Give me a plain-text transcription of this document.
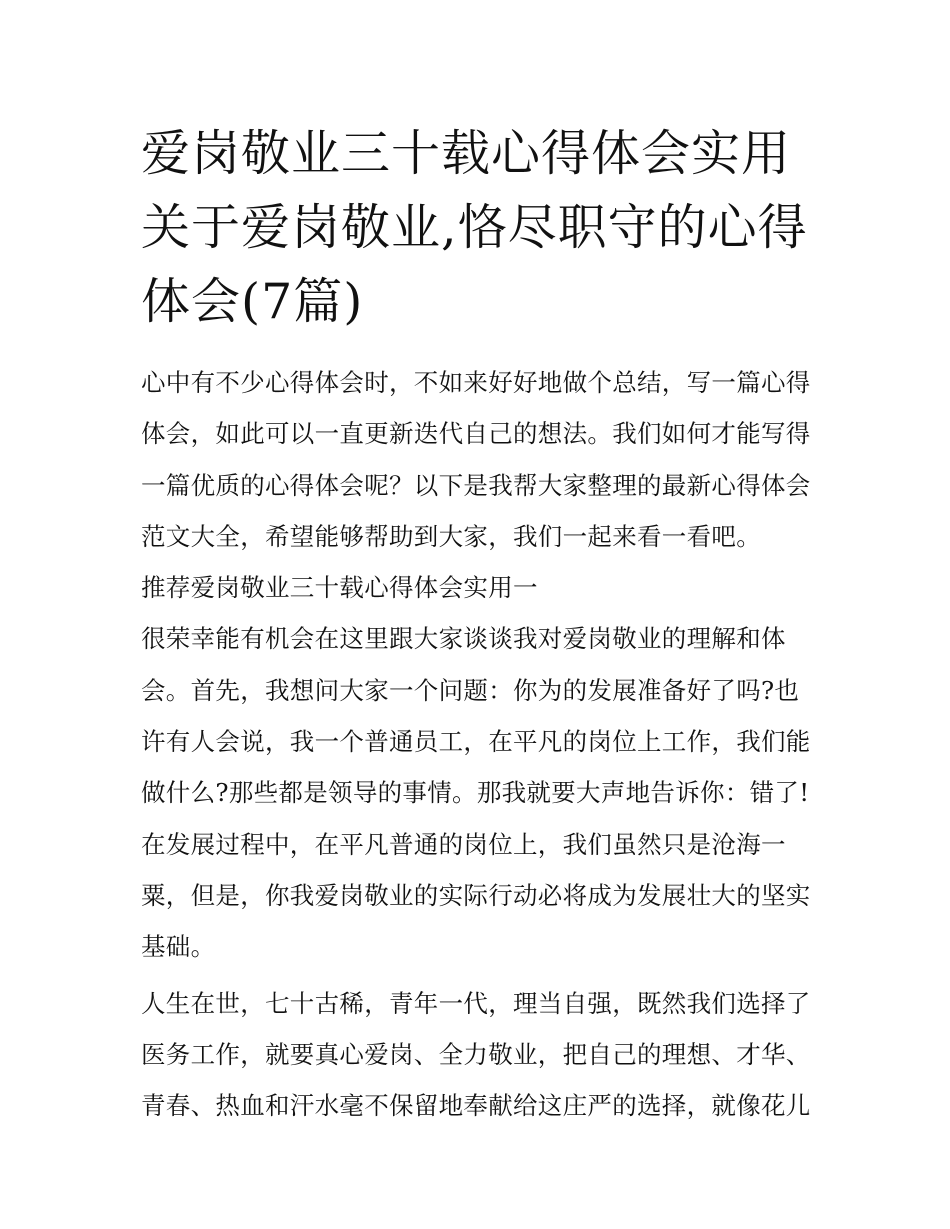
爱岗敬业三十载心得体会实用
关于爱岗敬业,恪尽职守的心得
体会(7篇)
心中有不少心得体会时，不如来好好地做个总结，写一篇心得
体会，如此可以一直更新迭代自己的想法。我们如何才能写得
一篇优质的心得体会呢？以下是我帮大家整理的最新心得体会
范文大全，希望能够帮助到大家，我们一起来看一看吧。
推荐爱岗敬业三十载心得体会实用一
很荣幸能有机会在这里跟大家谈谈我对爱岗敬业的理解和体
会。首先，我想问大家一个问题：你为的发展准备好了吗?也
许有人会说，我一个普通员工，在平凡的岗位上工作，我们能
做什么?那些都是领导的事情。那我就要大声地告诉你：错了!
在发展过程中，在平凡普通的岗位上，我们虽然只是沧海一
粟，但是，你我爱岗敬业的实际行动必将成为发展壮大的坚实
基础。
人生在世，七十古稀，青年一代，理当自强，既然我们选择了
医务工作，就要真心爱岗、全力敬业，把自己的理想、才华、
青春、热血和汗水毫不保留地奉献给这庄严的选择，就像花儿
